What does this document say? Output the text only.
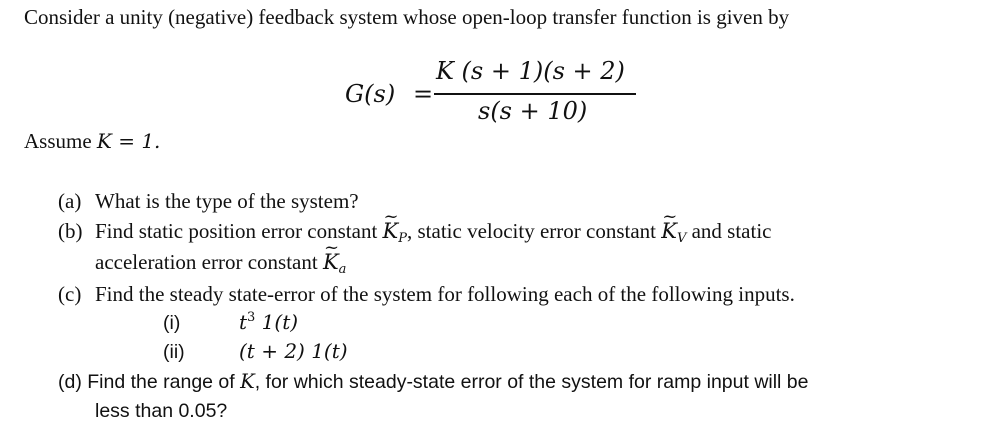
Consider a unity (negative) feedback system whose open-loop transfer function is given by
G(s) =
K (s + 1)(s + 2)
s(s + 10)
Assume K = 1.
(a) What is the type of the system?
(b) Find static position error constant ~ $K_P$, static velocity error constant ~ $K_V$ and static
acceleration error constant ~ $K_a$
(c) Find the steady state-error of the system for following each of the following inputs.
(i)	$t^3$ 1(t)
(ii)	(t + 2) 1(t)
(d) Find the range of K, for which steady-state error of the system for ramp input will be
less than 0.05?
